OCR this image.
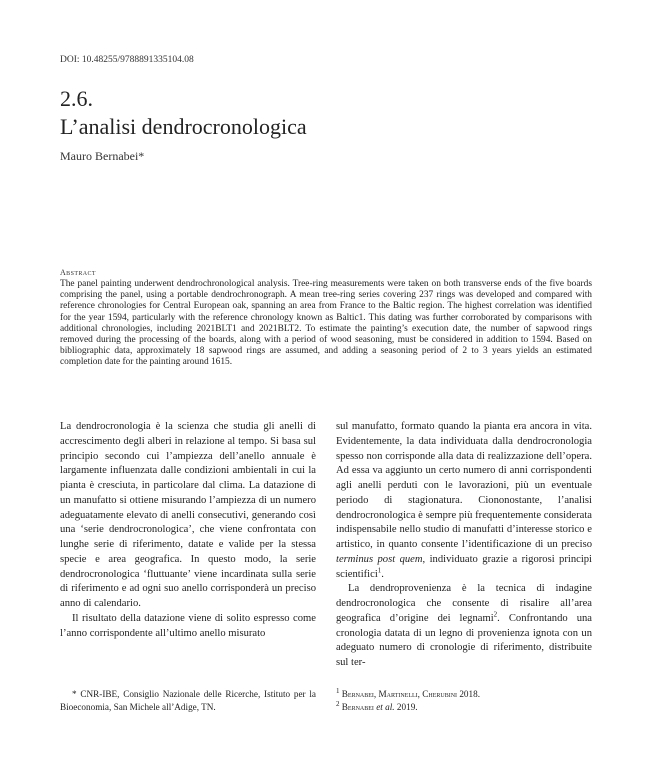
DOI: 10.48255/9788891335104.08
2.6.
L’analisi dendrocronologica
Mauro Bernabei*
Abstract
The panel painting underwent dendrochronological analysis. Tree-ring measurements were taken on both transverse ends of the five boards comprising the panel, using a portable dendrochronograph. A mean tree-ring series covering 237 rings was developed and compared with reference chronologies for Central European oak, spanning an area from France to the Baltic region. The highest correlation was identified for the year 1594, particularly with the reference chronology known as Baltic1. This dating was further corroborated by comparisons with additional chronologies, including 2021BLT1 and 2021BLT2. To estimate the painting’s execution date, the number of sapwood rings removed during the processing of the boards, along with a period of wood seasoning, must be considered in addition to 1594. Based on bibliographic data, approximately 18 sapwood rings are assumed, and adding a seasoning period of 2 to 3 years yields an estimated completion date for the painting around 1615.

La dendrocronologia è la scienza che studia gli anelli di accrescimento degli alberi in relazione al tempo. Si basa sul principio secondo cui l’ampiezza dell’anello annuale è largamente influenzata dalle condizioni ambientali in cui la pianta è cresciuta, in particolare dal clima. La datazione di un manufatto si ottiene misurando l’ampiezza di un numero adeguatamente elevato di anelli consecutivi, generando così una ‘serie dendrocronologica’, che viene confrontata con lunghe serie di riferimento, datate e valide per la stessa specie e area geografica. In questo modo, la serie dendrocronologica ‘fluttuante’ viene incardinata sulla serie di riferimento e ad ogni suo anello corrisponderà un preciso anno di calendario.

Il risultato della datazione viene di solito espresso come l’anno corrispondente all’ultimo anello misurato

sul manufatto, formato quando la pianta era ancora in vita. Evidentemente, la data individuata dalla dendrocronologia spesso non corrisponde alla data di realizzazione dell’opera. Ad essa va aggiunto un certo numero di anni corrispondenti agli anelli perduti con le lavorazioni, più un eventuale periodo di stagionatura. Ciononostante, l’analisi dendrocronologica è sempre più frequentemente considerata indispensabile nello studio di manufatti d’interesse storico e artistico, in quanto consente l’identificazione di un preciso terminus post quem, individuato grazie a rigorosi principi scientifici$^1$.

La dendroprovenienza è la tecnica di indagine dendrocronologica che consente di risalire all’area geografica d’origine dei legnami$^2$. Confrontando una cronologia datata di un legno di provenienza ignota con un adeguato numero di cronologie di riferimento, distribuite sul ter-

* CNR-IBE, Consiglio Nazionale delle Ricerche, Istituto per la Bioeconomia, San Michele all’Adige, TN.

$^1$ Bernabei, Martinelli, Cherubini 2018.

$^2$ Bernabei et al. 2019.
